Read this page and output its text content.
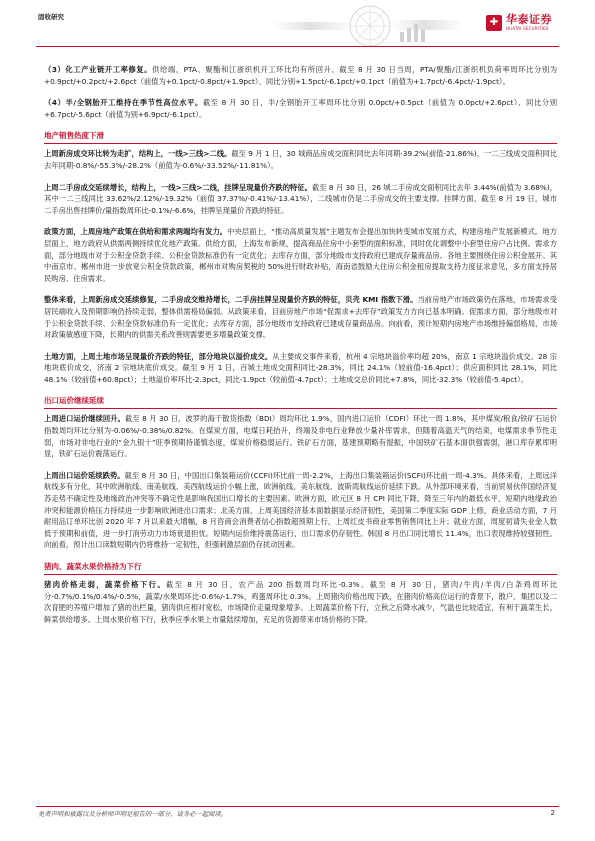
固收研究	✚ 华泰证券
HUATAI SECURITIES

（3）化工产业链开工率修复。供给端，PTA、聚酯和江浙织机开工环比均有所回升。截至 8 月 30 日当周，PTA/聚酯/江浙织机负荷率周环比分别为+0.9pct/+0.2pct/+2.6pct（前值为+0.1pct/-0.8pct/+1.9pct）、同比分别+1.5pct/-6.1pct/+0.1pct（前值为+1.7pct/-6.4pct/-1.9pct）。

（4）半/全钢胎开工维持在季节性高位水平。截至 8 月 30 日，半/全钢胎开工率周环比分别 0.0pct/+0.5pct（前值为 0.0pct/+2.6pct）、同比分别+6.7pct/-5.6pct（前值为别+6.9pct/-6.1pct）。

地产销售热度下滑

上周新房成交环比转为走扩，结构上，一线>三线>二线。截至 9 月 1 日，30 城商品房成交面积同比去年同期-39.2%(前值-21.86%)，一二三线成交面积同比去年同期-0.8%/-55.3%/-28.2%（前值为-0.6%/-33.52%/-11.81%）。

上周二手房成交延续增长，结构上，一线>三线>二线，挂牌呈现量价齐跌的特征。截至 8 月 30 日，26 城二手房成交面积同比去年 3.44%(前值为 3.68%)，其中一二三线同比 33.62%/2.12%/-19.32%（前值 37.37%/-0.41%/-13.41%），二线城市仍是二手房成交的主要支撑。挂牌方面，截至 8 月 19 日，城市二手房出售挂牌价/量指数周环比-0.1%/-6.6%，挂牌呈现量价齐跌的特征。

政策方面，上周房地产政策在供给和需求两端均有发力。中央层面上，“推动高质量发展”主题发布会提出加快转变城市发展方式，构建房地产发展新模式。地方层面上，地方政府从供需两侧持续优化地产政策。供给方面，上海发布新规，提高商品住房中小套型的面积标准，同时优化调整中小套型住房户占比例。需求方面，部分地级市对于公积金贷款手续、公积金贷款标准仍有一定优化；去库存方面，部分地级市支持政府已建成存量商品房。各地主要围绕住房公积金展开。其中南京市、郴州市进一步放宽公积金贷款政策，郴州市对购房契税的 50%进行财政补贴，海南省鼓励大住房公积金租房提取支持力度征求意见，多方面支持居民购房、住房需求。

整体来看，上周新房成交延续修复，二手房成交维持增长，二手房挂牌呈现量价齐跌的特征，贝壳 KMI 指数下滑。当前房地产市场政策仍在落地，市场需求受居民端收入及预期影响仍持续走弱，整体供需格局偏弱。从政策来看，目前房地产市场“促需求+去库存”政策发力方向已基本明确。促需求方面，部分地级市对于公积金贷款手续、公积金贷款标准仍有一定优化；去库存方面，部分地级市支持政府已建成存量商品房。向前看，预计短期内房地产市场维持偏弱格局，市场对政策敏感度下降，长期内的供需关系改善则需要更多增量政策支撑。

土地方面，上周土地市场呈现量价齐跌的特征，部分地块以溢价成交。从主要成交事件来看，杭州 4 宗地块溢价率均超 20%，南京 1 宗地块溢价成交、28 宗地块底价成交，济南 2 宗地块底价成交。截至 9 月 1 日，百城土地成交面积同比-28.3%，同比 24.1%（较前值-16.4pct）；供应面积同比 28.1%，同比 48.1%（较前值+60.8pct）；土地溢价率环比-2.3pct，同比-1.9pct（较前值-4.7pct）；土地成交总价同比+7.8%，同比-32.3%（较前值-5.4pct）。

出口运价继续延续

上周进口运价继续回升。截至 8 月 30 日，波罗的海干散货指数（BDI）周均环比 1.9%，国内进口运价（CDFI）环比一周 1.8%，其中煤炭/粮食/铁矿石运价指数周均环比分别为-0.06%/-0.38%/0.82%。在煤炭方面，电煤日耗抬升，终端及非电行业释放少量补库需求，但随着高温天气的结束，电煤需求季节性走弱，市场对非电行业的“金九银十”旺季预期持谨慎态度，煤炭价格稳弱运行。铁矿石方面，基建预期略有提振，中国铁矿石基本面供强需弱，港口库存累库明显，铁矿石运价震荡运行。

上周出口运价延续跌势。截至 8 月 30 日，中国出口集装箱运价(CCFI)环比前一周-2.2%，上海出口集装箱运价(SCFI)环比前一周-4.3%。具体来看，上周远洋航线多有分化，其中欧洲航线、南美航线、美西航线运价小幅上涨，欧洲航线、美东航线、波斯湾航线运价延续下跌。从外部环境来看，当前贸易伙伴国经济复苏走势不确定性及地缘政治冲突等不确定性是影响我国出口增长的主要因素。欧洲方面，欧元区 8 月 CPI 同比下降，降至三年内的最低水平，短期内地缘政治冲突和能源价格压力持续进一步影响欧洲进出口需求；北美方面，上周美国经济基本面数据显示经济韧性，美国第二季度实际 GDP 上修，商业活动方面，7 月耐用品订单环比创 2020 年 7 月以来最大增幅，8 月咨商会消费者信心指数超预期上行，上周红皮书商业零售销售同比上升；就业方面，周度初请失业金人数低于预期和前值，进一步打消劳动力市场衰退担忧。短期内运价维持震荡运行，出口需求仍存韧性。韩国 8 月出口同比增长 11.4%，出口表现维持较强韧性。向前看，预计出口读数短期内仍将维持一定韧性，但强刺激层面仍存扰动因素。

猪肉、蔬菜水果价格持为下行

猪肉价格走弱，蔬菜价格下行。截至 8 月 30 日，农产品 200 指数周均环比-0.3%。截至 8 月 30 日，猪肉/牛肉/羊肉/白条鸡周环比分-0.7%/0.1%/0.4%/-0.5%，蔬菜/水果周环比-0.6%/-1.7%，鸡蛋周环比 0.3%。上周猪肉价格出现下跌，在猪肉价格高位运行的背景下，散户、集团以及二次育肥的养殖户增加了猪的出栏量，猪肉供应相对宽松，市场降价走量现象增多。上周蔬菜价格下行，立秋之后降水减少，气温也比较适宜，有利于蔬菜生长，鲜菜供给增多。上周水果价格下行，秋季应季水果上市量陆续增加，充足的货源带来市场价格的下降。

免责声明和披露以及分析师声明是报告的一部分，请务必一起阅读。	2
